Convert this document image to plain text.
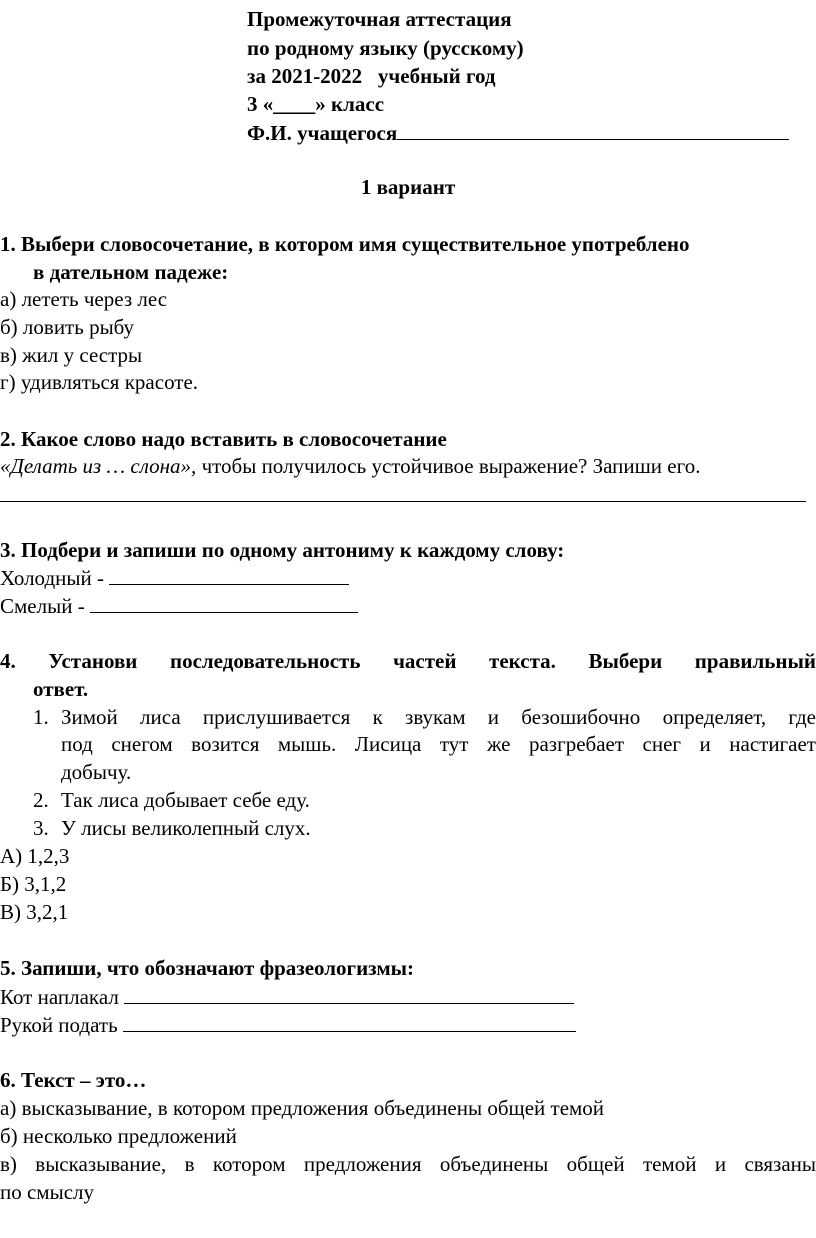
Промежуточная аттестация
по родному языку (русскому)
за 2021-2022   учебный год
3 «____» класс
Ф.И. учащегося
1 вариант
1. Выбери словосочетание, в котором имя существительное употреблено
в дательном падеже:
а) лететь через лес
б) ловить рыбу
в) жил у сестры
г) удивляться красоте.
2. Какое слово надо вставить в словосочетание
«Делать из … слона», чтобы получилось устойчивое выражение? Запиши его.
3. Подбери и запиши по одному антониму к каждому слову:
Холодный -
Смелый -
4. Установи последовательность частей текста. Выбери правильный
ответ.
1. Зимой лиса прислушивается к звукам и безошибочно определяет, где
под снегом возится мышь. Лисица тут же разгребает снег и настигает
добычу.
2. Так лиса добывает себе еду.
3. У лисы великолепный слух.
А) 1,2,3
Б) 3,1,2
В) 3,2,1
5. Запиши, что обозначают фразеологизмы:
Кот наплакал
Рукой подать
6. Текст – это…
а) высказывание, в котором предложения объединены общей темой
б) несколько предложений
в) высказывание, в котором предложения объединены общей темой и связаны
по смыслу
